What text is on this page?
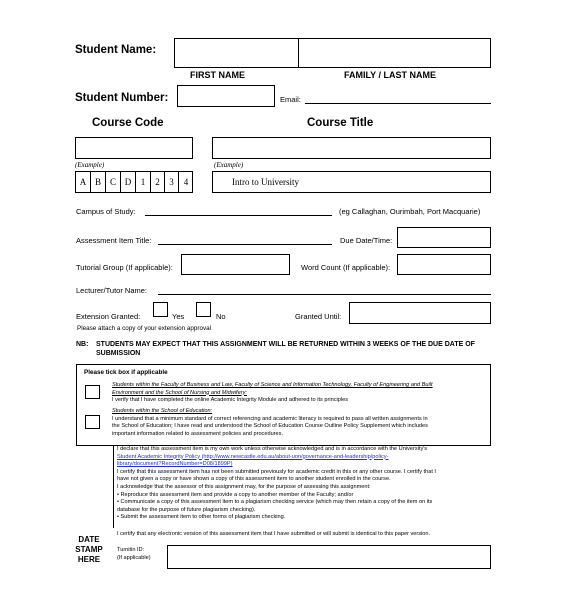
Student Name:
FIRST NAME	FAMILY / LAST NAME
Student Number:	Email:
Course Code	Course Title
(Example)	(Example)
A B C D	1	2	3	4	Intro to University
Campus of Study:	(eg Callaghan, Ourimbah, Port Macquarie)
Assessment Item Title:	Due Date/Time:
Tutorial Group (If applicable):	Word Count (If applicable):
Lecturer/Tutor Name:
Extension Granted:	Yes	No	Granted Until:
Please attach a copy of your extension approval
NB: STUDENTS MAY EXPECT THAT THIS ASSIGNMENT WILL BE RETURNED WITHIN 3 WEEKS OF THE DUE DATE OF
SUBMISSION
Please tick box if applicable
Students within the Faculty of Business and Law, Faculty of Science and Information Technology, Faculty of Engineering and Built
Environment and the School of Nursing and Midwifery:
I verify that I have completed the online Academic Integrity Module and adhered to its principles
Students within the School of Education:
I understand that a minimum standard of correct referencing and academic literacy is required to pass all written assignments in
the School of Education; I have read and understood the School of Education Course Outline Policy Supplement which includes
important information related to assessment policies and procedures.
I declare that this assessment item is my own work unless otherwise acknowledged and is in accordance with the University's
Student Academic Integrity Policy (http://www.newcastle.edu.au/about-uon/governance-and-leadership/policy-
library/document?RecordNumber=D08/1899P)
I certify that this assessment item has not been submitted previously for academic credit in this or any other course. I certify that I
have not given a copy or have shown a copy of this assessment item to another student enrolled in the course.
I acknowledge that the assessor of this assignment may, for the purpose of assessing this assignment:
• Reproduce this assessment item and provide a copy to another member of the Faculty; and/or
• Communicate a copy of this assessment item to a plagiarism checking service (which may then retain a copy of the item on its
database for the purpose of future plagiarism checking).
• Submit the assessment item to other forms of plagiarism checking.
I certify that any electronic version of this assessment item that I have submitted or will submit is identical to this paper version.
DATE
STAMP
HERE
Turnitin ID:
(If applicable)
